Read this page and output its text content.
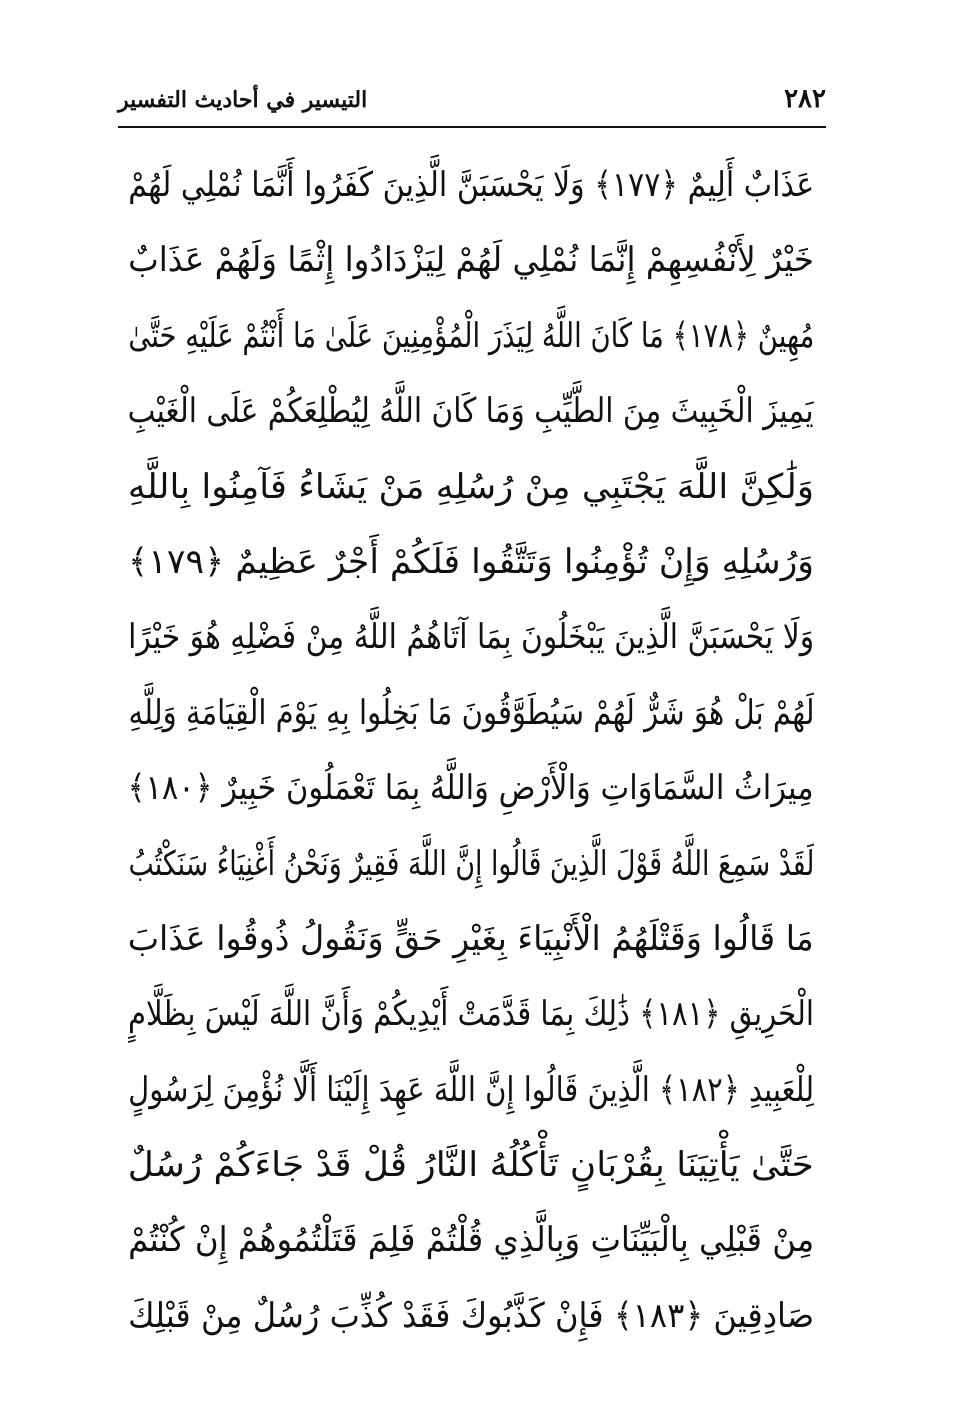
٢٨٢
التيسير في أحاديث التفسير
عَذَابٌ أَلِيمٌ ﴿١٧٧﴾ وَلَا يَحْسَبَنَّ الَّذِينَ كَفَرُوا أَنَّمَا نُمْلِي لَهُمْ
خَيْرٌ لِأَنْفُسِهِمْ إِنَّمَا نُمْلِي لَهُمْ لِيَزْدَادُوا إِثْمًا وَلَهُمْ عَذَابٌ
مُهِينٌ ﴿١٧٨﴾ مَا كَانَ اللَّهُ لِيَذَرَ الْمُؤْمِنِينَ عَلَىٰ مَا أَنْتُمْ عَلَيْهِ حَتَّىٰ
يَمِيزَ الْخَبِيثَ مِنَ الطَّيِّبِ وَمَا كَانَ اللَّهُ لِيُطْلِعَكُمْ عَلَى الْغَيْبِ
وَلَٰكِنَّ اللَّهَ يَجْتَبِي مِنْ رُسُلِهِ مَنْ يَشَاءُ فَآمِنُوا بِاللَّهِ
وَرُسُلِهِ وَإِنْ تُؤْمِنُوا وَتَتَّقُوا فَلَكُمْ أَجْرٌ عَظِيمٌ ﴿١٧٩﴾
وَلَا يَحْسَبَنَّ الَّذِينَ يَبْخَلُونَ بِمَا آتَاهُمُ اللَّهُ مِنْ فَضْلِهِ هُوَ خَيْرًا
لَهُمْ بَلْ هُوَ شَرٌّ لَهُمْ سَيُطَوَّقُونَ مَا بَخِلُوا بِهِ يَوْمَ الْقِيَامَةِ وَلِلَّهِ
مِيرَاثُ السَّمَاوَاتِ وَالْأَرْضِ وَاللَّهُ بِمَا تَعْمَلُونَ خَبِيرٌ ﴿١٨٠﴾
لَقَدْ سَمِعَ اللَّهُ قَوْلَ الَّذِينَ قَالُوا إِنَّ اللَّهَ فَقِيرٌ وَنَحْنُ أَغْنِيَاءُ سَنَكْتُبُ
مَا قَالُوا وَقَتْلَهُمُ الْأَنْبِيَاءَ بِغَيْرِ حَقٍّ وَنَقُولُ ذُوقُوا عَذَابَ
الْحَرِيقِ ﴿١٨١﴾ ذَٰلِكَ بِمَا قَدَّمَتْ أَيْدِيكُمْ وَأَنَّ اللَّهَ لَيْسَ بِظَلَّامٍ
لِلْعَبِيدِ ﴿١٨٢﴾ الَّذِينَ قَالُوا إِنَّ اللَّهَ عَهِدَ إِلَيْنَا أَلَّا نُؤْمِنَ لِرَسُولٍ
حَتَّىٰ يَأْتِيَنَا بِقُرْبَانٍ تَأْكُلُهُ النَّارُ قُلْ قَدْ جَاءَكُمْ رُسُلٌ
مِنْ قَبْلِي بِالْبَيِّنَاتِ وَبِالَّذِي قُلْتُمْ فَلِمَ قَتَلْتُمُوهُمْ إِنْ كُنْتُمْ
صَادِقِينَ ﴿١٨٣﴾ فَإِنْ كَذَّبُوكَ فَقَدْ كُذِّبَ رُسُلٌ مِنْ قَبْلِكَ
